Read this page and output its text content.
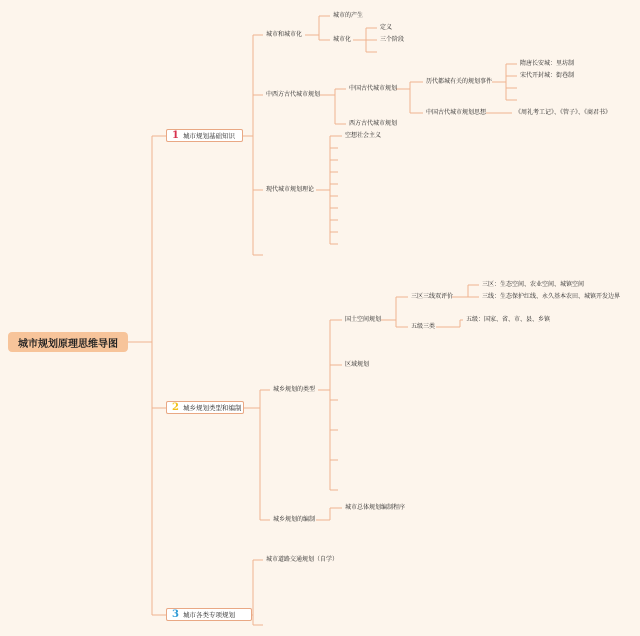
城市规划原理思维导图
1 城市规划基础知识
2 城乡规划类型和编制
3 城市各类专项规划
城市和城市化
城市的产生
城市化
定义
三个阶段
中西方古代城市规划
中国古代城市规划
历代都城有关的规划事件
隋唐长安城：里坊制
宋代开封城：街巷制
中国古代城市规划思想	《周礼考工记》、《管子》、《商君书》
西方古代城市规划
现代城市规划理论
空想社会主义
城乡规划的类型
国土空间规划
三区三线双评价
三区：生态空间、农业空间、城镇空间
三线：生态保护红线、永久基本农田、城镇开发边界
五级三类
五级：国家、省、市、县、乡镇
区域规划
城乡规划的编制
城市总体规划编制程序
城市道路交通规划（自学）
